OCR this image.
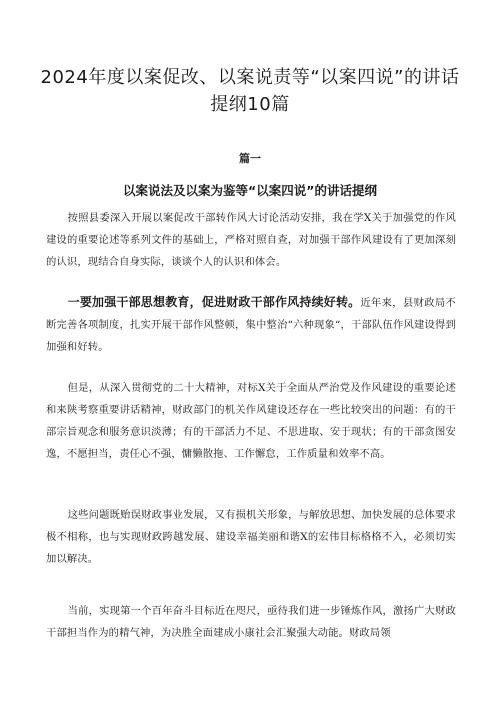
2024年度以案促改、以案说责等“以案四说”的讲话提纲10篇
篇一
以案说法及以案为鉴等“以案四说”的讲话提纲

按照县委深入开展以案促改干部转作风大讨论活动安排，我在学X关于加强党的作风建设的重要论述等系列文件的基础上，严格对照自查，对加强干部作风建设有了更加深刻的认识，现结合自身实际，谈谈个人的认识和体会。

一要加强干部思想教育，促进财政干部作风持续好转。近年来，县财政局不断完善各项制度，扎实开展干部作风整顿，集中整治“六种现象“，干部队伍作风建设得到加强和好转。

但是，从深入贯彻党的二十大精神，对标X关于全面从严治党及作风建设的重要论述和来陕考察重要讲话精神，财政部门的机关作风建设还存在一些比较突出的问题：有的干部宗旨观念和服务意识淡薄；有的干部活力不足、不思进取、安于现状；有的干部贪图安逸，不愿担当，责任心不强，慵懒散拖、工作懈怠，工作质量和效率不高。

这些问题既贻误财政事业发展，又有损机关形象，与解放思想、加快发展的总体要求极不相称，也与实现财政跨越发展、建设幸福美丽和谐X的宏伟目标格格不入，必须切实加以解决。

当前，实现第一个百年奋斗目标近在咫尺，亟待我们进一步锤炼作风，激扬广大财政干部担当作为的精气神，为决胜全面建成小康社会汇聚强大动能。财政局领
